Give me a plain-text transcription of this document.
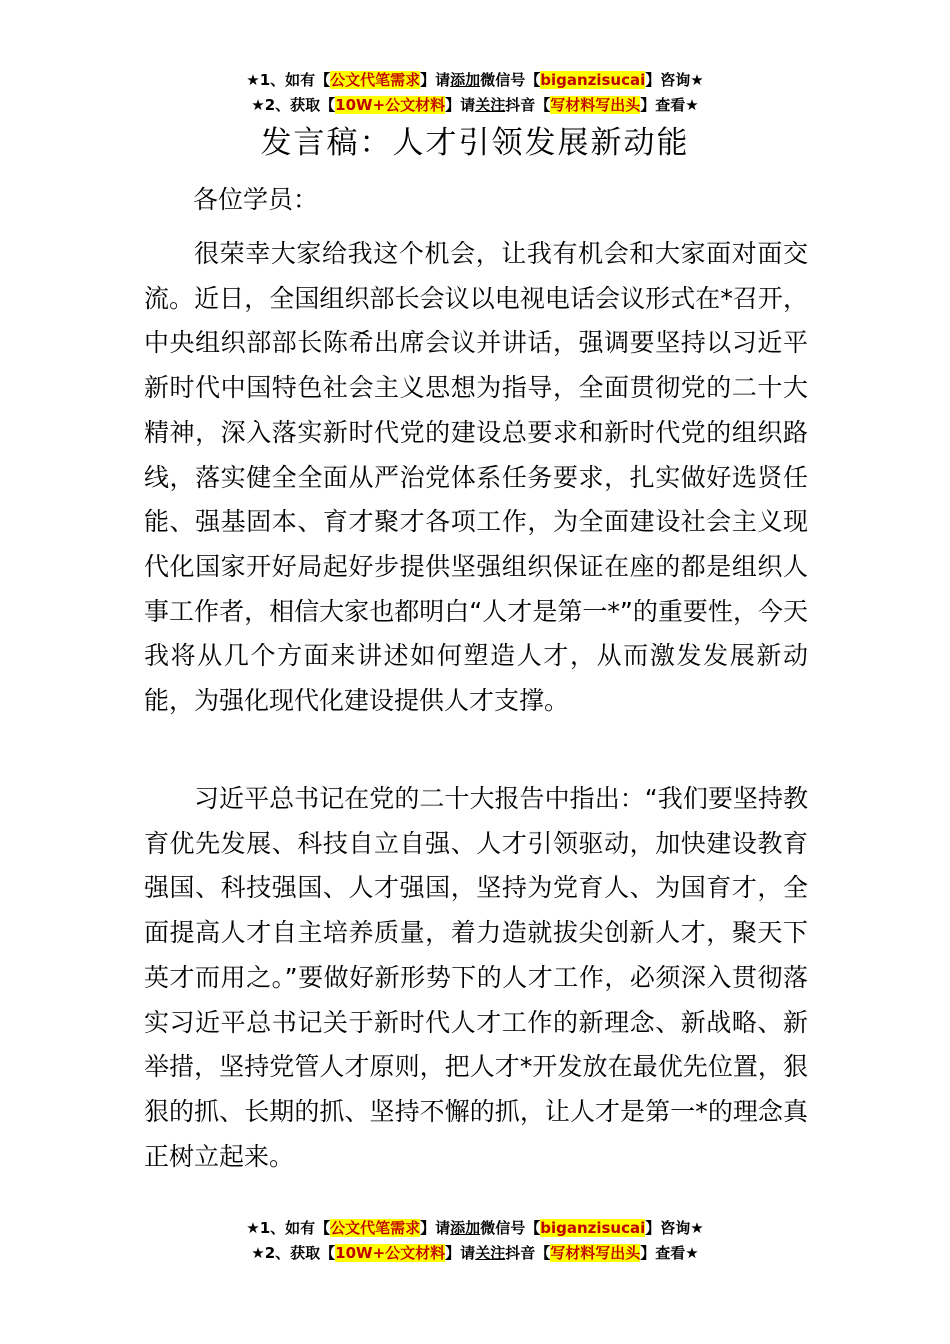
★1、如有【公文代笔需求】请添加微信号【biganzisucai】咨询★
★2、获取【10W+公文材料】请关注抖音【写材料写出头】查看★
发言稿：人才引领发展新动能
各位学员：

很荣幸大家给我这个机会，让我有机会和大家面对面交流。近日，全国组织部长会议以电视电话会议形式在*召开，中央组织部部长陈希出席会议并讲话，强调要坚持以习近平新时代中国特色社会主义思想为指导，全面贯彻党的二十大精神，深入落实新时代党的建设总要求和新时代党的组织路线，落实健全全面从严治党体系任务要求，扎实做好选贤任能、强基固本、育才聚才各项工作，为全面建设社会主义现代化国家开好局起好步提供坚强组织保证在座的都是组织人事工作者，相信大家也都明白“人才是第一*”的重要性，今天我将从几个方面来讲述如何塑造人才，从而激发发展新动能，为强化现代化建设提供人才支撑。

习近平总书记在党的二十大报告中指出：“我们要坚持教育优先发展、科技自立自强、人才引领驱动，加快建设教育强国、科技强国、人才强国，坚持为党育人、为国育才，全面提高人才自主培养质量，着力造就拔尖创新人才，聚天下英才而用之。”要做好新形势下的人才工作，必须深入贯彻落实习近平总书记关于新时代人才工作的新理念、新战略、新举措，坚持党管人才原则，把人才*开发放在最优先位置，狠狠的抓、长期的抓、坚持不懈的抓，让人才是第一*的理念真正树立起来。

★1、如有【公文代笔需求】请添加微信号【biganzisucai】咨询★
★2、获取【10W+公文材料】请关注抖音【写材料写出头】查看★
